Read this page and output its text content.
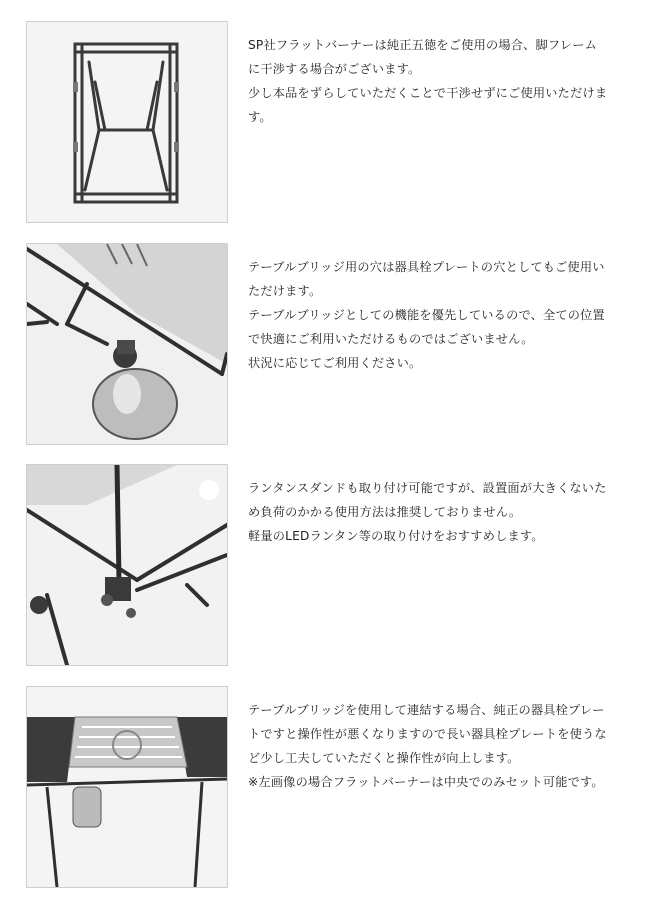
SP社フラットバーナーは純正五徳をご使用の場合、脚フレーム

に干渉する場合がございます。

少し本品をずらしていただくことで干渉せずにご使用いただけま

す。

テーブルブリッジ用の穴は器具栓プレートの穴としてもご使用い

ただけます。

テーブルブリッジとしての機能を優先しているので、全ての位置

で快適にご利用いただけるものではございません。

状況に応じてご利用ください。

ランタンスダンドも取り付け可能ですが、設置面が大きくないた

め負荷のかかる使用方法は推奨しておりません。

軽量のLEDランタン等の取り付けをおすすめします。

テーブルブリッジを使用して連結する場合、純正の器具栓プレー

トですと操作性が悪くなりますので長い器具栓プレートを使うな

ど少し工夫していただくと操作性が向上します。

※左画像の場合フラットバーナーは中央でのみセット可能です。
